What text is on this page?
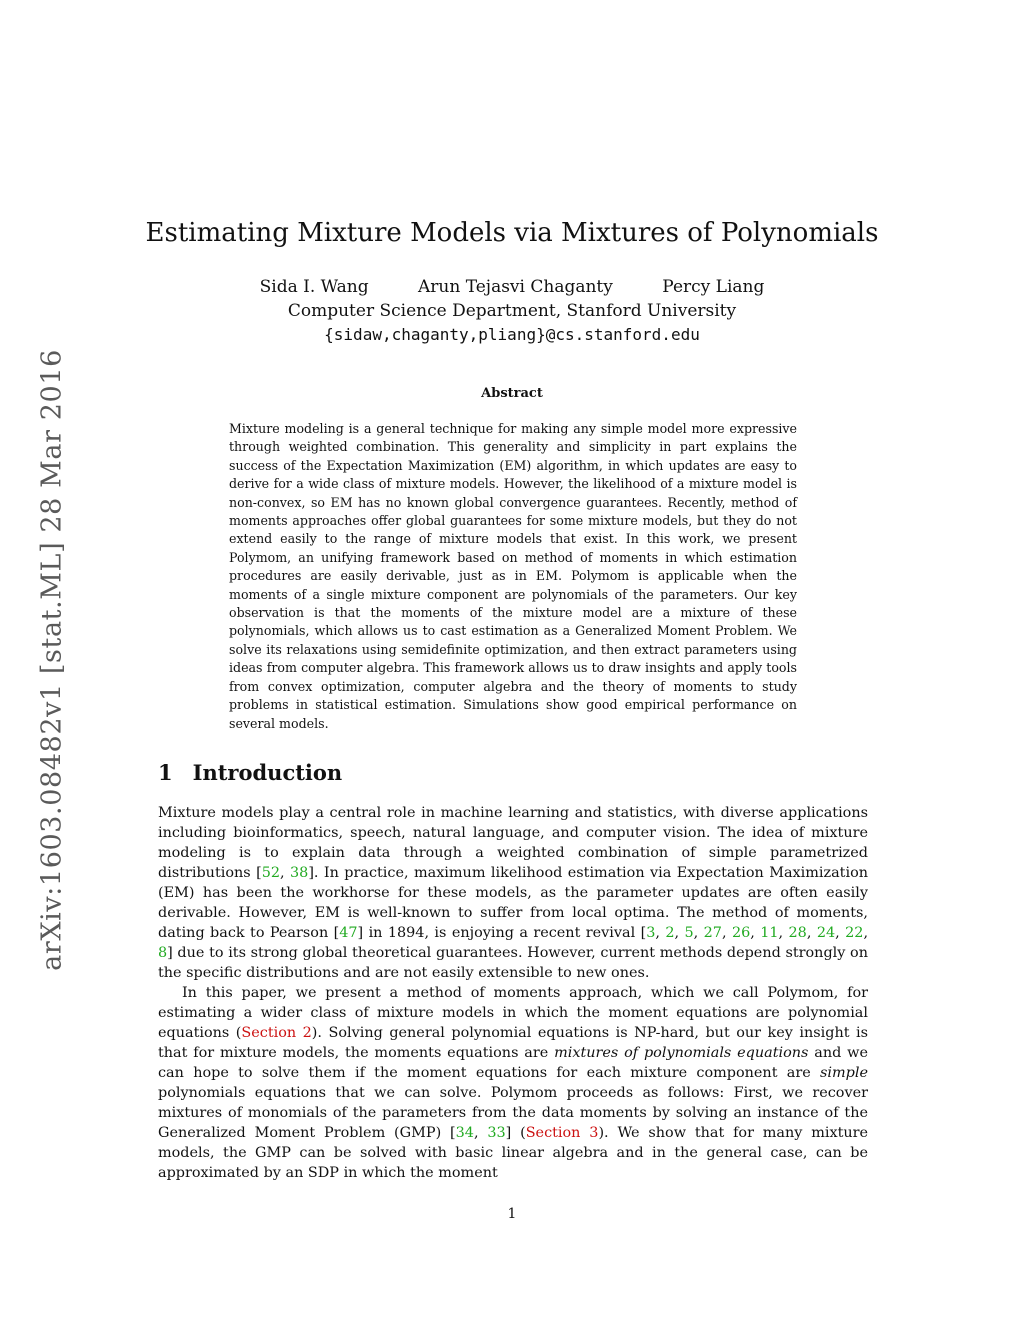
arXiv:1603.08482v1 [stat.ML] 28 Mar 2016
Estimating Mixture Models via Mixtures of Polynomials
Sida I. Wang	Arun Tejasvi Chaganty	Percy Liang
Computer Science Department, Stanford University
{sidaw,chaganty,pliang}@cs.stanford.edu
Abstract
Mixture modeling is a general technique for making any simple model more expressive through weighted combination. This generality and simplicity in part explains the success of the Expectation Maximization (EM) algorithm, in which updates are easy to derive for a wide class of mixture models. However, the likelihood of a mixture model is non-convex, so EM has no known global convergence guarantees. Recently, method of moments approaches offer global guarantees for some mixture models, but they do not extend easily to the range of mixture models that exist. In this work, we present Polymom, an unifying framework based on method of moments in which estimation procedures are easily derivable, just as in EM. Polymom is applicable when the moments of a single mixture component are polynomials of the parameters. Our key observation is that the moments of the mixture model are a mixture of these polynomials, which allows us to cast estimation as a Generalized Moment Problem. We solve its relaxations using semidefinite optimization, and then extract parameters using ideas from computer algebra. This framework allows us to draw insights and apply tools from convex optimization, computer algebra and the theory of moments to study problems in statistical estimation. Simulations show good empirical performance on several models.
1 Introduction

Mixture models play a central role in machine learning and statistics, with diverse applications including bioinformatics, speech, natural language, and computer vision. The idea of mixture modeling is to explain data through a weighted combination of simple parametrized distributions [52, 38]. In practice, maximum likelihood estimation via Expectation Maximization (EM) has been the workhorse for these models, as the parameter updates are often easily derivable. However, EM is well-known to suffer from local optima. The method of moments, dating back to Pearson [47] in 1894, is enjoying a recent revival [3, 2, 5, 27, 26, 11, 28, 24, 22, 8] due to its strong global theoretical guarantees. However, current methods depend strongly on the specific distributions and are not easily extensible to new ones.

In this paper, we present a method of moments approach, which we call Polymom, for estimating a wider class of mixture models in which the moment equations are polynomial equations (Section 2). Solving general polynomial equations is NP-hard, but our key insight is that for mixture models, the moments equations are mixtures of polynomials equations and we can hope to solve them if the moment equations for each mixture component are simple polynomials equations that we can solve. Polymom proceeds as follows: First, we recover mixtures of monomials of the parameters from the data moments by solving an instance of the Generalized Moment Problem (GMP) [34, 33] (Section 3). We show that for many mixture models, the GMP can be solved with basic linear algebra and in the general case, can be approximated by an SDP in which the moment

1
